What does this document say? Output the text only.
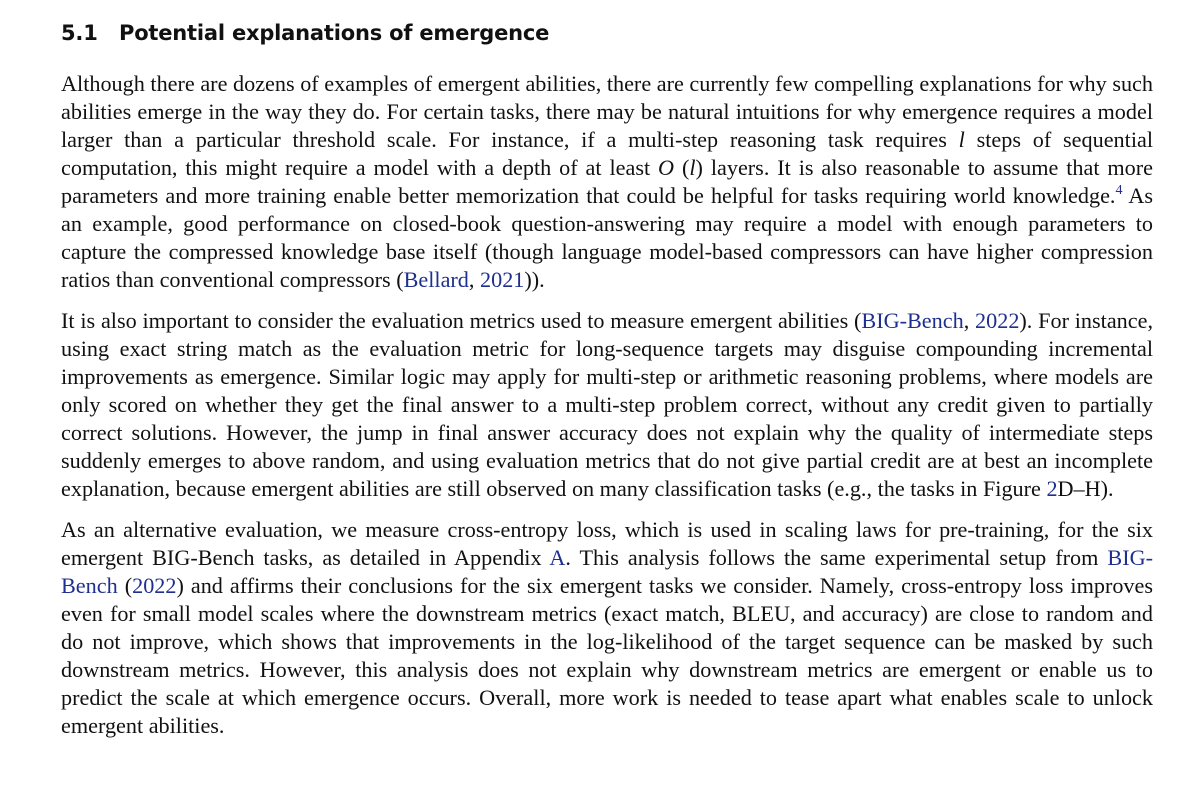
5.1 Potential explanations of emergence

Although there are dozens of examples of emergent abilities, there are currently few compelling explanations for why such abilities emerge in the way they do. For certain tasks, there may be natural intuitions for why emergence requires a model larger than a particular threshold scale. For instance, if a multi-step reasoning task requires l steps of sequential computation, this might require a model with a depth of at least O (l) layers. It is also reasonable to assume that more parameters and more training enable better memorization that could be helpful for tasks requiring world knowledge.$^4$ As an example, good performance on closed-book question-answering may require a model with enough parameters to capture the compressed knowledge base itself (though language model-based compressors can have higher compression ratios than conventional compressors (Bellard, 2021)).

It is also important to consider the evaluation metrics used to measure emergent abilities (BIG-Bench, 2022). For instance, using exact string match as the evaluation metric for long-sequence targets may disguise compounding incremental improvements as emergence. Similar logic may apply for multi-step or arithmetic reasoning problems, where models are only scored on whether they get the final answer to a multi-step problem correct, without any credit given to partially correct solutions. However, the jump in final answer accuracy does not explain why the quality of intermediate steps suddenly emerges to above random, and using evaluation metrics that do not give partial credit are at best an incomplete explanation, because emergent abilities are still observed on many classification tasks (e.g., the tasks in Figure 2D–H).

As an alternative evaluation, we measure cross-entropy loss, which is used in scaling laws for pre-training, for the six emergent BIG-Bench tasks, as detailed in Appendix A. This analysis follows the same experimental setup from BIG-Bench (2022) and affirms their conclusions for the six emergent tasks we consider. Namely, cross-entropy loss improves even for small model scales where the downstream metrics (exact match, BLEU, and accuracy) are close to random and do not improve, which shows that improvements in the log-likelihood of the target sequence can be masked by such downstream metrics. However, this analysis does not explain why downstream metrics are emergent or enable us to predict the scale at which emergence occurs. Overall, more work is needed to tease apart what enables scale to unlock emergent abilities.
